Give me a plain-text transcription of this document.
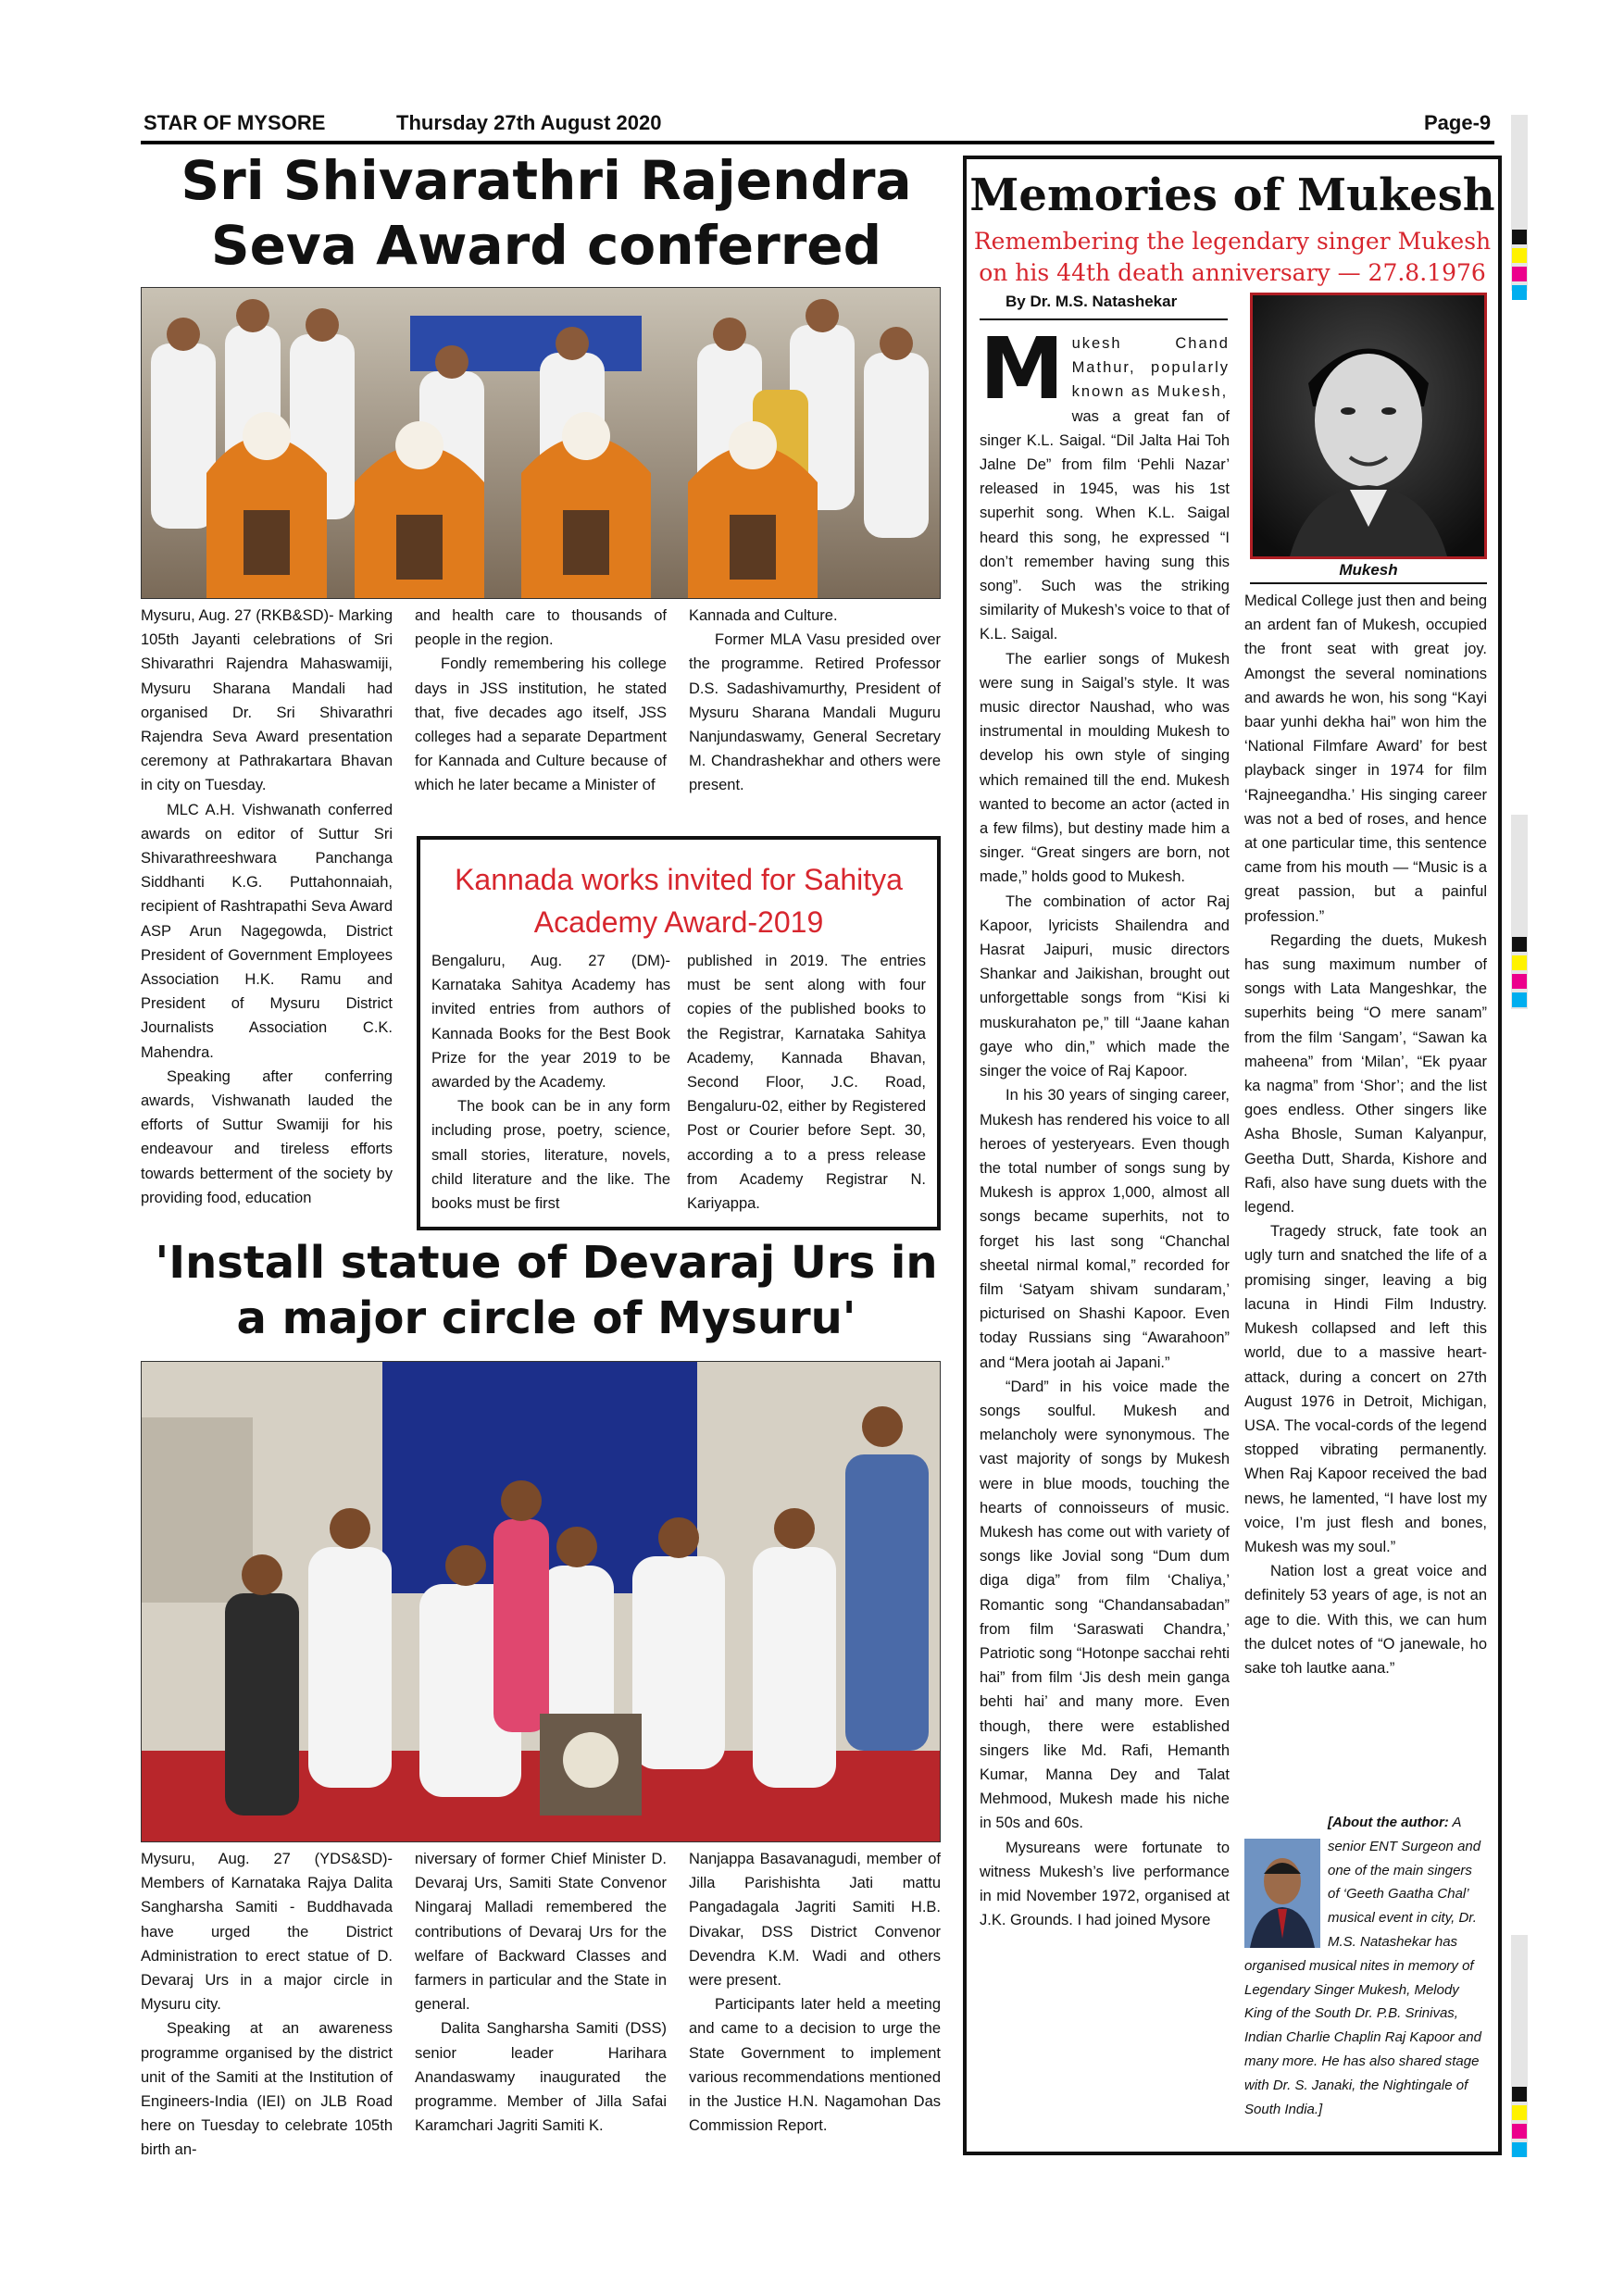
STAR OF MYSORE	Thursday 27th August 2020	Page-9
Sri Shivarathri Rajendra
Seva Award conferred

Mysuru, Aug. 27 (RKB&SD)- Marking 105th Jayanti celebrations of Sri Shivarathri Rajendra Mahaswamiji, Mysuru Sharana Mandali had organised Dr. Sri Shivarathri Rajendra Seva Award presentation ceremony at Pathrakartara Bhavan in city on Tuesday.

MLC A.H. Vishwanath conferred awards on editor of Suttur Sri Shivarathreeshwara Panchanga Siddhanti K.G. Puttahonnaiah, recipient of Rashtrapathi Seva Award ASP Arun Nagegowda, District President of Government Employees Association H.K. Ramu and President of Mysuru District Journalists Association C.K. Mahendra.

Speaking after conferring awards, Vishwanath lauded the efforts of Suttur Swamiji for his endeavour and tireless efforts towards betterment of the society by providing food, education

and health care to thousands of people in the region.

Fondly remembering his college days in JSS institution, he stated that, five decades ago itself, JSS colleges had a separate Department for Kannada and Culture because of which he later became a Minister of

Kannada and Culture.

Former MLA Vasu presided over the programme. Retired Professor D.S. Sadashivamurthy, President of Mysuru Sharana Mandali Muguru Nanjundaswamy, General Secretary M. Chandrashekhar and others were present.

Kannada works invited for Sahitya
Academy Award-2019

Bengaluru, Aug. 27 (DM)- Karnataka Sahitya Academy has invited entries from authors of Kannada Books for the Best Book Prize for the year 2019 to be awarded by the Academy.

The book can be in any form including prose, poetry, science, small stories, literature, novels, child literature and the like. The books must be first

published in 2019. The entries must be sent along with four copies of the published books to the Registrar, Karnataka Sahitya Academy, Kannada Bhavan, Second Floor, J.C. Road, Bengaluru-02, either by Registered Post or Courier before Sept. 30, according a to a press release from Academy Registrar N. Kariyappa.

'Install statue of Devaraj Urs in
a major circle of Mysuru'

Mysuru, Aug. 27 (YDS&SD)- Members of Karnataka Rajya Dalita Sangharsha Samiti - Buddhavada have urged the District Administration to erect statue of D. Devaraj Urs in a major circle in Mysuru city.

Speaking at an awareness programme organised by the district unit of the Samiti at the Institution of Engineers-India (IEI) on JLB Road here on Tuesday to celebrate 105th birth an-

niversary of former Chief Minister D. Devaraj Urs, Samiti State Convenor Ningaraj Malladi remembered the contributions of Devaraj Urs for the welfare of Backward Classes and farmers in particular and the State in general.

Dalita Sangharsha Samiti (DSS) senior leader Harihara Anandaswamy inaugurated the programme. Member of Jilla Safai Karamchari Jagriti Samiti K.

Nanjappa Basavanagudi, member of Jilla Parishishta Jati mattu Pangadagala Jagriti Samiti H.B. Divakar, DSS District Convenor Devendra K.M. Wadi and others were present.

Participants later held a meeting and came to a decision to urge the State Government to implement various recommendations mentioned in the Justice H.N. Nagamohan Das Commission Report.

Memories of Mukesh
Remembering the legendary singer Mukesh
on his 44th death anniversary — 27.8.1976
By Dr. M.S. Natashekar
Mukesh
M ukesh Chand Mathur, popularly known as Mukesh,

was a great fan of singer K.L. Saigal. “Dil Jalta Hai Toh Jalne De” from film ‘Pehli Nazar’ released in 1945, was his 1st superhit song. When K.L. Saigal heard this song, he expressed “I don’t remember having sung this song”. Such was the striking similarity of Mukesh’s voice to that of K.L. Saigal.

The earlier songs of Mukesh were sung in Saigal’s style. It was music director Naushad, who was instrumental in moulding Mukesh to develop his own style of singing which remained till the end. Mukesh wanted to become an actor (acted in a few films), but destiny made him a singer. “Great singers are born, not made,” holds good to Mukesh.

The combination of actor Raj Kapoor, lyricists Shailendra and Hasrat Jaipuri, music directors Shankar and Jaikishan, brought out unforgettable songs from “Kisi ki muskurahaton pe,” till “Jaane kahan gaye who din,” which made the singer the voice of Raj Kapoor.

In his 30 years of singing career, Mukesh has rendered his voice to all heroes of yesteryears. Even though the total number of songs sung by Mukesh is approx 1,000, almost all songs became superhits, not to forget his last song “Chanchal sheetal nirmal komal,” recorded for film ‘Satyam shivam sundaram,’ picturised on Shashi Kapoor. Even today Russians sing “Awarahoon” and “Mera jootah ai Japani.”

“Dard” in his voice made the songs soulful. Mukesh and melancholy were synonymous. The vast majority of songs by Mukesh were in blue moods, touching the hearts of connoisseurs of music. Mukesh has come out with variety of songs like Jovial song “Dum dum diga diga” from film ‘Chaliya,’ Romantic song “Chandansabadan” from film ‘Saraswati Chandra,’ Patriotic song “Hotonpe sacchai rehti hai” from film ‘Jis desh mein ganga behti hai’ and many more. Even though, there were established singers like Md. Rafi, Hemanth Kumar, Manna Dey and Talat Mehmood, Mukesh made his niche in 50s and 60s.

Mysureans were fortunate to witness Mukesh’s live performance in mid November 1972, organised at J.K. Grounds. I had joined Mysore

Medical College just then and being an ardent fan of Mukesh, occupied the front seat with great joy. Amongst the several nominations and awards he won, his song “Kayi baar yunhi dekha hai” won him the ‘National Filmfare Award’ for best playback singer in 1974 for film ‘Rajneegandha.’ His singing career was not a bed of roses, and hence at one particular time, this sentence came from his mouth — “Music is a great passion, but a painful profession.”

Regarding the duets, Mukesh has sung maximum number of songs with Lata Mangeshkar, the superhits being “O mere sanam” from the film ‘Sangam’, “Sawan ka maheena” from ‘Milan’, “Ek pyaar ka nagma” from ‘Shor’; and the list goes endless. Other singers like Asha Bhosle, Suman Kalyanpur, Geetha Dutt, Sharda, Kishore and Rafi, also have sung duets with the legend.

Tragedy struck, fate took an ugly turn and snatched the life of a promising singer, leaving a big lacuna in Hindi Film Industry. Mukesh collapsed and left this world, due to a massive heart-attack, during a concert on 27th August 1976 in Detroit, Michigan, USA. The vocal-cords of the legend stopped vibrating permanently. When Raj Kapoor received the bad news, he lamented, “I have lost my voice, I’m just flesh and bones, Mukesh was my soul.”

Nation lost a great voice and definitely 53 years of age, is not an age to die. With this, we can hum the dulcet notes of “O janewale, ho sake toh lautke aana.”

[About the author: A senior ENT Surgeon and one of the main singers of ‘Geeth Gaatha Chal’ musical event in city, Dr. M.S. Natashekar has organised musical nites in memory of Legendary Singer Mukesh, Melody King of the South Dr. P.B. Srinivas, Indian Charlie Chaplin Raj Kapoor and many more. He has also shared stage with Dr. S. Janaki, the Nightingale of South India.]
